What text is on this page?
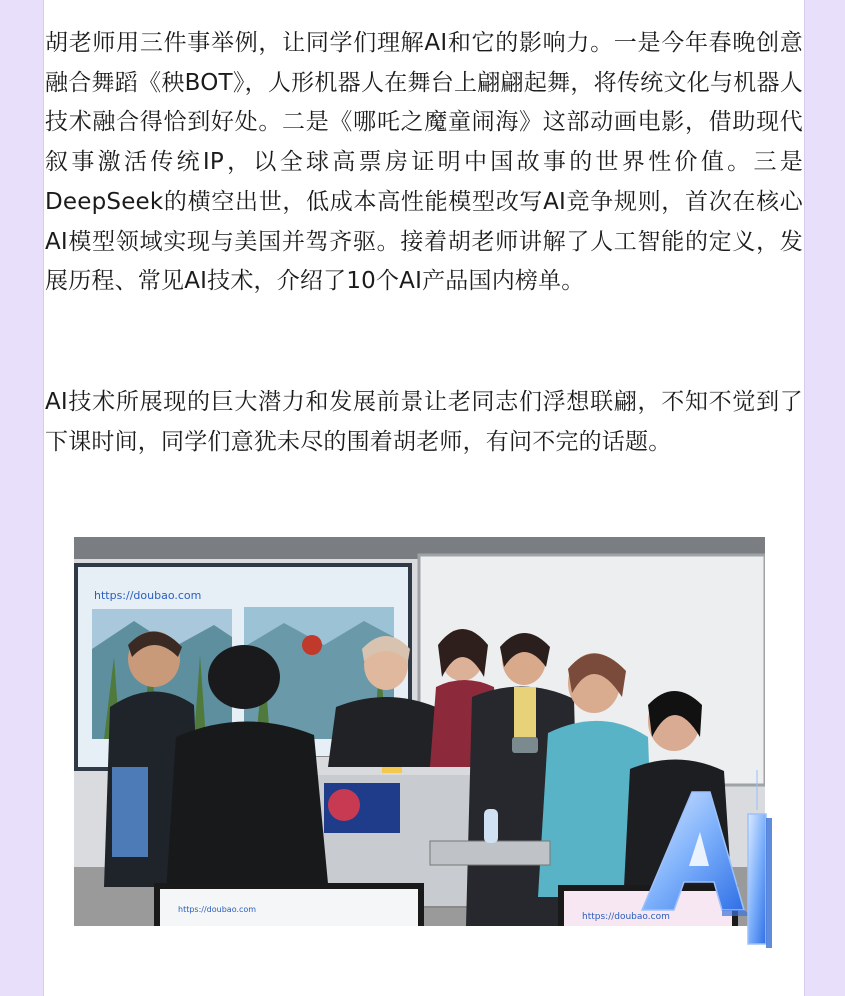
胡老师用三件事举例，让同学们理解AI和它的影响力。一是今年春晚创意融合舞蹈《秧BOT》，人形机器人在舞台上翩翩起舞，将传统文化与机器人技术融合得恰到好处。二是《哪吒之魔童闹海》这部动画电影，借助现代叙事激活传统IP，以全球高票房证明中国故事的世界性价值。三是DeepSeek的横空出世，低成本高性能模型改写AI竞争规则，首次在核心AI模型领域实现与美国并驾齐驱。接着胡老师讲解了人工智能的定义，发展历程、常见AI技术，介绍了10个AI产品国内榜单。

AI技术所展现的巨大潜力和发展前景让老同志们浮想联翩，不知不觉到了下课时间，同学们意犹未尽的围着胡老师，有问不完的话题。

https://doubao.com
https://doubao.com
https://doubao.com
